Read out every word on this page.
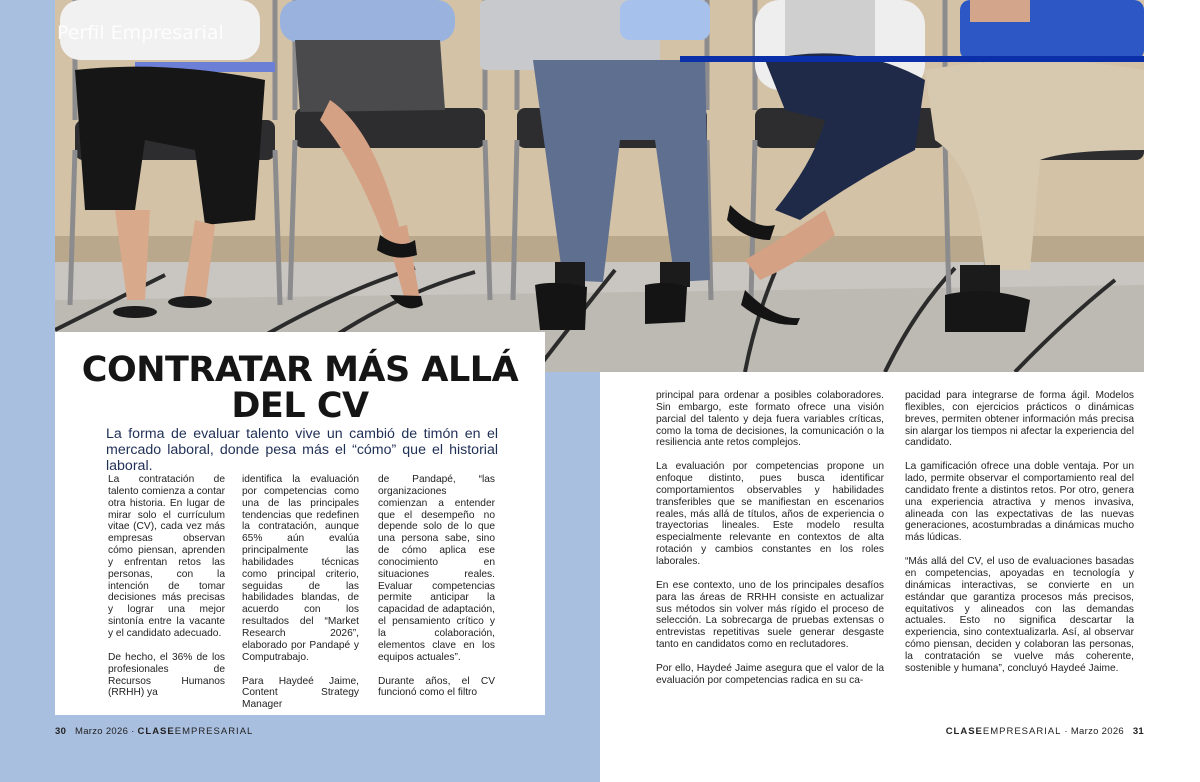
Perfil Empresarial
CONTRATAR MÁS ALLÁ DEL CV
La forma de evaluar talento vive un cambió de timón en el mercado laboral, donde pesa más el “cómo” que el historial laboral.

La contratación de talento comienza a contar otra historia. En lugar de mirar solo el currículum vitae (CV), cada vez más empresas observan cómo piensan, aprenden y enfrentan retos las personas, con la intención de tomar decisiones más precisas y lograr una mejor sintonía entre la vacante y el candidato adecuado.

De hecho, el 36% de los profesionales de Recursos Humanos (RRHH) ya

identifica la evaluación por competencias como una de las principales tendencias que redefinen la contratación, aunque 65% aún evalúa principalmente las habilidades técnicas como principal criterio, seguidas de las habilidades blandas, de acuerdo con los resultados del “Market Research 2026”, elaborado por Pandapé y Computrabajo.

Para Haydeé Jaime, Content Strategy Manager

de Pandapé, “las organizaciones comienzan a entender que el desempeño no depende solo de lo que una persona sabe, sino de cómo aplica ese conocimiento en situaciones reales. Evaluar competencias permite anticipar la capacidad de adaptación, el pensamiento crítico y la colaboración, elementos clave en los equipos actuales”.

Durante años, el CV funcionó como el filtro

principal para ordenar a posibles colaboradores. Sin embargo, este formato ofrece una visión parcial del talento y deja fuera variables críticas, como la toma de decisiones, la comunicación o la resiliencia ante retos complejos.

La evaluación por competencias propone un enfoque distinto, pues busca identificar comportamientos observables y habilidades transferibles que se manifiestan en escenarios reales, más allá de títulos, años de experiencia o trayectorias lineales. Este modelo resulta especialmente relevante en contextos de alta rotación y cambios constantes en los roles laborales.

En ese contexto, uno de los principales desafíos para las áreas de RRHH consiste en actualizar sus métodos sin volver más rígido el proceso de selección. La sobrecarga de pruebas extensas o entrevistas repetitivas suele generar desgaste tanto en candidatos como en reclutadores.

Por ello, Haydeé Jaime asegura que el valor de la evaluación por competencias radica en su ca-

pacidad para integrarse de forma ágil. Modelos flexibles, con ejercicios prácticos o dinámicas breves, permiten obtener información más precisa sin alargar los tiempos ni afectar la experiencia del candidato.

La gamificación ofrece una doble ventaja. Por un lado, permite observar el comportamiento real del candidato frente a distintos retos. Por otro, genera una experiencia atractiva y menos invasiva, alineada con las expectativas de las nuevas generaciones, acostumbradas a dinámicas mucho más lúdicas.

“Más allá del CV, el uso de evaluaciones basadas en competencias, apoyadas en tecnología y dinámicas interactivas, se convierte en un estándar que garantiza procesos más precisos, equitativos y alineados con las demandas actuales. Esto no significa descartar la experiencia, sino contextualizarla. Así, al observar cómo piensan, deciden y colaboran las personas, la contratación se vuelve más coherente, sostenible y humana”, concluyó Haydeé Jaime.

30 Marzo 2026 · CLASEEMPRESARIAL	CLASEEMPRESARIAL · Marzo 2026 31
